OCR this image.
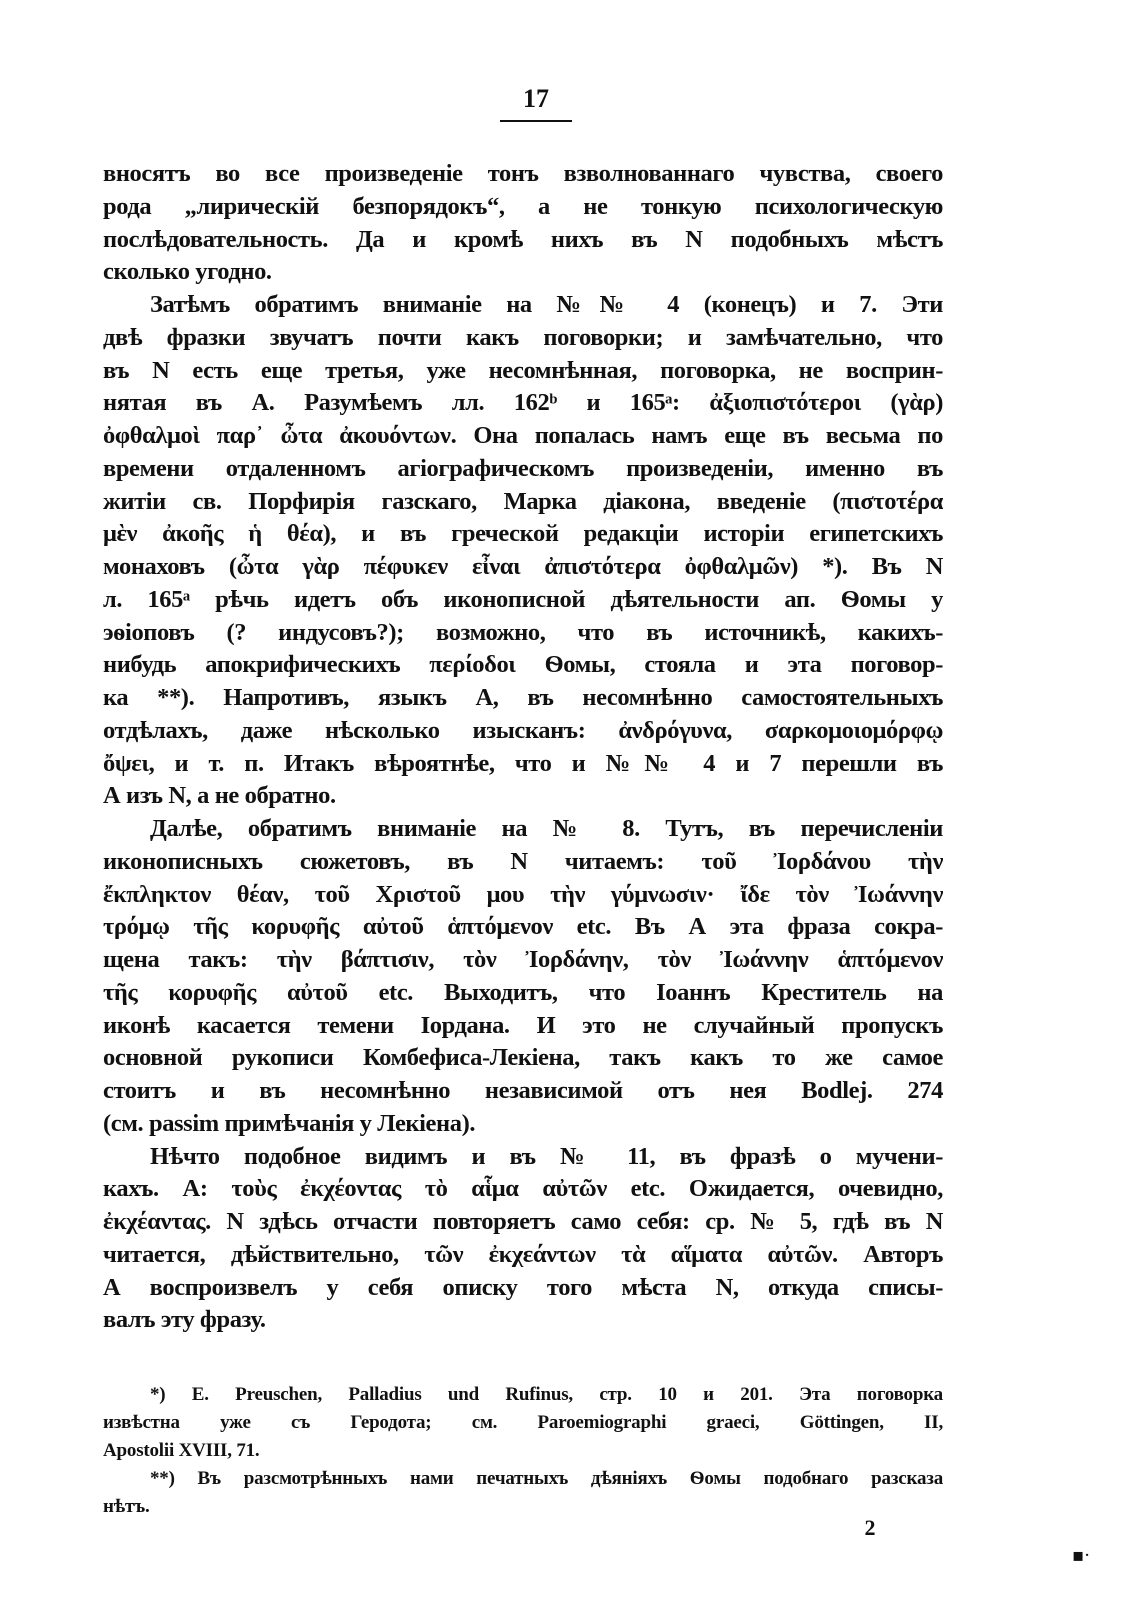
17
вносятъ во все произведеніе тонъ взволнованнаго чувства, своего
рода „лирическій безпорядокъ“, а не тонкую психологическую
послѣдовательность. Да и кромѣ нихъ въ N подобныхъ мѣстъ
сколько угодно.
Затѣмъ обратимъ вниманіе на №№ 4 (конецъ) и 7. Эти
двѣ фразки звучатъ почти какъ поговорки; и замѣчательно, что
въ N есть еще третья, уже несомнѣнная, поговорка, не восприн-
нятая въ А. Разумѣемъ лл. 162ᵇ и 165ᵃ: ἀξιοπιστότεροι (γὰρ)
ὀφθαλμοὶ παρ᾽ ὦτα ἀκουόντων. Она попалась намъ еще въ весьма по
времени отдаленномъ агіографическомъ произведеніи, именно въ
житіи св. Порфирія газскаго, Марка діакона, введеніе (πιστοτέρα
μὲν ἀκοῆς ἡ θέα), и въ греческой редакціи исторіи египетскихъ
монаховъ (ὦτα γὰρ πέφυκεν εἶναι ἀπιστότερα ὀφθαλμῶν) *). Въ N
л. 165ᵃ рѣчь идетъ объ иконописной дѣятельности ап. Ѳомы у
эѳіоповъ (? индусовъ?); возможно, что въ источникѣ, какихъ-
нибудь апокрифическихъ περίοδοι Ѳомы, стояла и эта поговор-
ка **). Напротивъ, языкъ А, въ несомнѣнно самостоятельныхъ
отдѣлахъ, даже нѣсколько изысканъ: ἀνδρόγυνα, σαρκομοιομόρφῳ
ὄψει, и т. п. Итакъ вѣроятнѣе, что и №№ 4 и 7 перешли въ
А изъ N, а не обратно.
Далѣе, обратимъ вниманіе на № 8. Тутъ, въ перечисленіи
иконописныхъ сюжетовъ, въ N читаемъ: τοῦ Ἰορδάνου τὴν
ἔκπληκτον θέαν, τοῦ Χριστοῦ μου τὴν γύμνωσιν· ἴδε τὸν Ἰωάννην
τρόμῳ τῆς κορυφῆς αὐτοῦ ἁπτόμενον etc. Въ А эта фраза сокра-
щена такъ: τὴν βάπτισιν, τὸν Ἰορδάνην, τὸν Ἰωάννην ἁπτόμενον
τῆς κορυφῆς αὐτοῦ etc. Выходитъ, что Іоаннъ Креститель на
иконѣ касается темени Іордана. И это не случайный пропускъ
основной рукописи Комбефиса-Лекіена, такъ какъ то же самое
стоитъ и въ несомнѣнно независимой отъ нея Bodlej. 274
(см. passim примѣчанія у Лекіена).
Нѣчто подобное видимъ и въ № 11, въ фразѣ о мучени-
кахъ. А: τοὺς ἐκχέοντας τὸ αἷμα αὐτῶν etc. Ожидается, очевидно,
ἐκχέαντας. N здѣсь отчасти повторяетъ само себя: ср. № 5, гдѣ въ N
читается, дѣйствительно, τῶν ἐκχεάντων τὰ αἵματα αὐτῶν. Авторъ
А воспроизвелъ у себя описку того мѣста N, откуда списы-
валъ эту фразу.
*) E. Preuschen, Palladius und Rufinus, стр. 10 и 201. Эта поговорка
извѣстна уже съ Геродота; см. Paroemiographi graeci, Göttingen, II,
Apostolii XVIII, 71.
**) Въ разсмотрѣнныхъ нами печатныхъ дѣяніяхъ Ѳомы подобнаго разсказа
нѣтъ.
2
▪·
